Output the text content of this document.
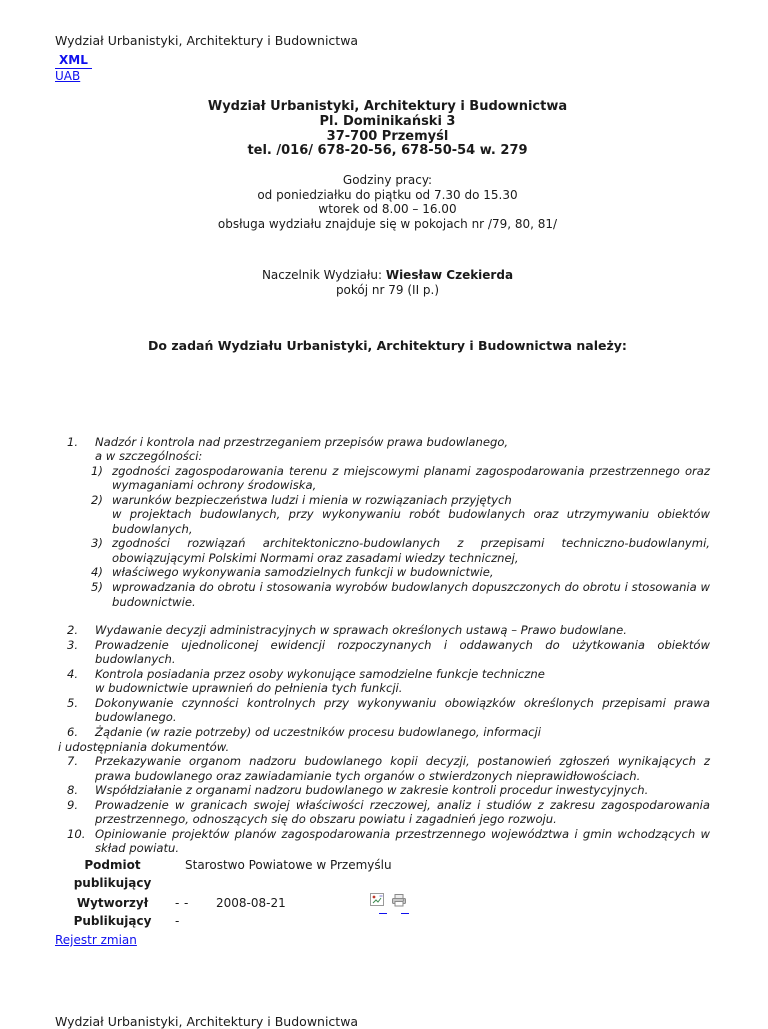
Wydział Urbanistyki, Architektury i Budownictwa
XML
UAB
Wydział Urbanistyki, Architektury i Budownictwa
Pl. Dominikański 3
37-700 Przemyśl
tel. /016/ 678-20-56, 678-50-54 w. 279
Godziny pracy:
od poniedziałku do piątku od 7.30 do 15.30
wtorek od 8.00 – 16.00
obsługa wydziału znajduje się w pokojach nr /79, 80, 81/
Naczelnik Wydziału: Wiesław Czekierda
pokój nr 79 (II p.)
Do zadań Wydziału Urbanistyki, Architektury i Budownictwa należy:
1.	Nadzór i kontrola nad przestrzeganiem przepisów prawa budowlanego,
a w szczególności:
1) zgodności zagospodarowania terenu z miejscowymi planami zagospodarowania przestrzennego oraz wymaganiami ochrony środowiska,
2) warunków bezpieczeństwa ludzi i mienia w rozwiązaniach przyjętych
w projektach budowlanych, przy wykonywaniu robót budowlanych oraz utrzymywaniu obiektów budowlanych,
3) zgodności rozwiązań architektoniczno-budowlanych z przepisami techniczno-budowlanymi, obowiązującymi Polskimi Normami oraz zasadami wiedzy technicznej,
4) właściwego wykonywania samodzielnych funkcji w budownictwie,
5) wprowadzania do obrotu i stosowania wyrobów budowlanych dopuszczonych do obrotu i stosowania w budownictwie.
2.	Wydawanie decyzji administracyjnych w sprawach określonych ustawą – Prawo budowlane.
3.	Prowadzenie ujednoliconej ewidencji rozpoczynanych i oddawanych do użytkowania obiektów budowlanych.
4.	Kontrola posiadania przez osoby wykonujące samodzielne funkcje techniczne
w budownictwie uprawnień do pełnienia tych funkcji.
5.	Dokonywanie czynności kontrolnych przy wykonywaniu obowiązków określonych przepisami prawa budowlanego.
6.	Żądanie (w razie potrzeby) od uczestników procesu budowlanego, informacji
i udostępniania dokumentów.
7.	Przekazywanie organom nadzoru budowlanego kopii decyzji, postanowień zgłoszeń wynikających z prawa budowlanego oraz zawiadamianie tych organów o stwierdzonych nieprawidłowościach.
8.	Współdziałanie z organami nadzoru budowlanego w zakresie kontroli procedur inwestycyjnych.
9.	Prowadzenie w granicach swojej właściwości rzeczowej, analiz i studiów z zakresu zagospodarowania przestrzennego, odnoszących się do obszaru powiatu i zagadnień jego rozwoju.
10. Opiniowanie projektów planów zagospodarowania przestrzennego województwa i gmin wchodzących w skład powiatu.
Podmiot publikujący
Starostwo Powiatowe w Przemyślu
Wytworzył	- - 2008-08-21
Publikujący	-
Rejestr zmian
Wydział Urbanistyki, Architektury i Budownictwa
